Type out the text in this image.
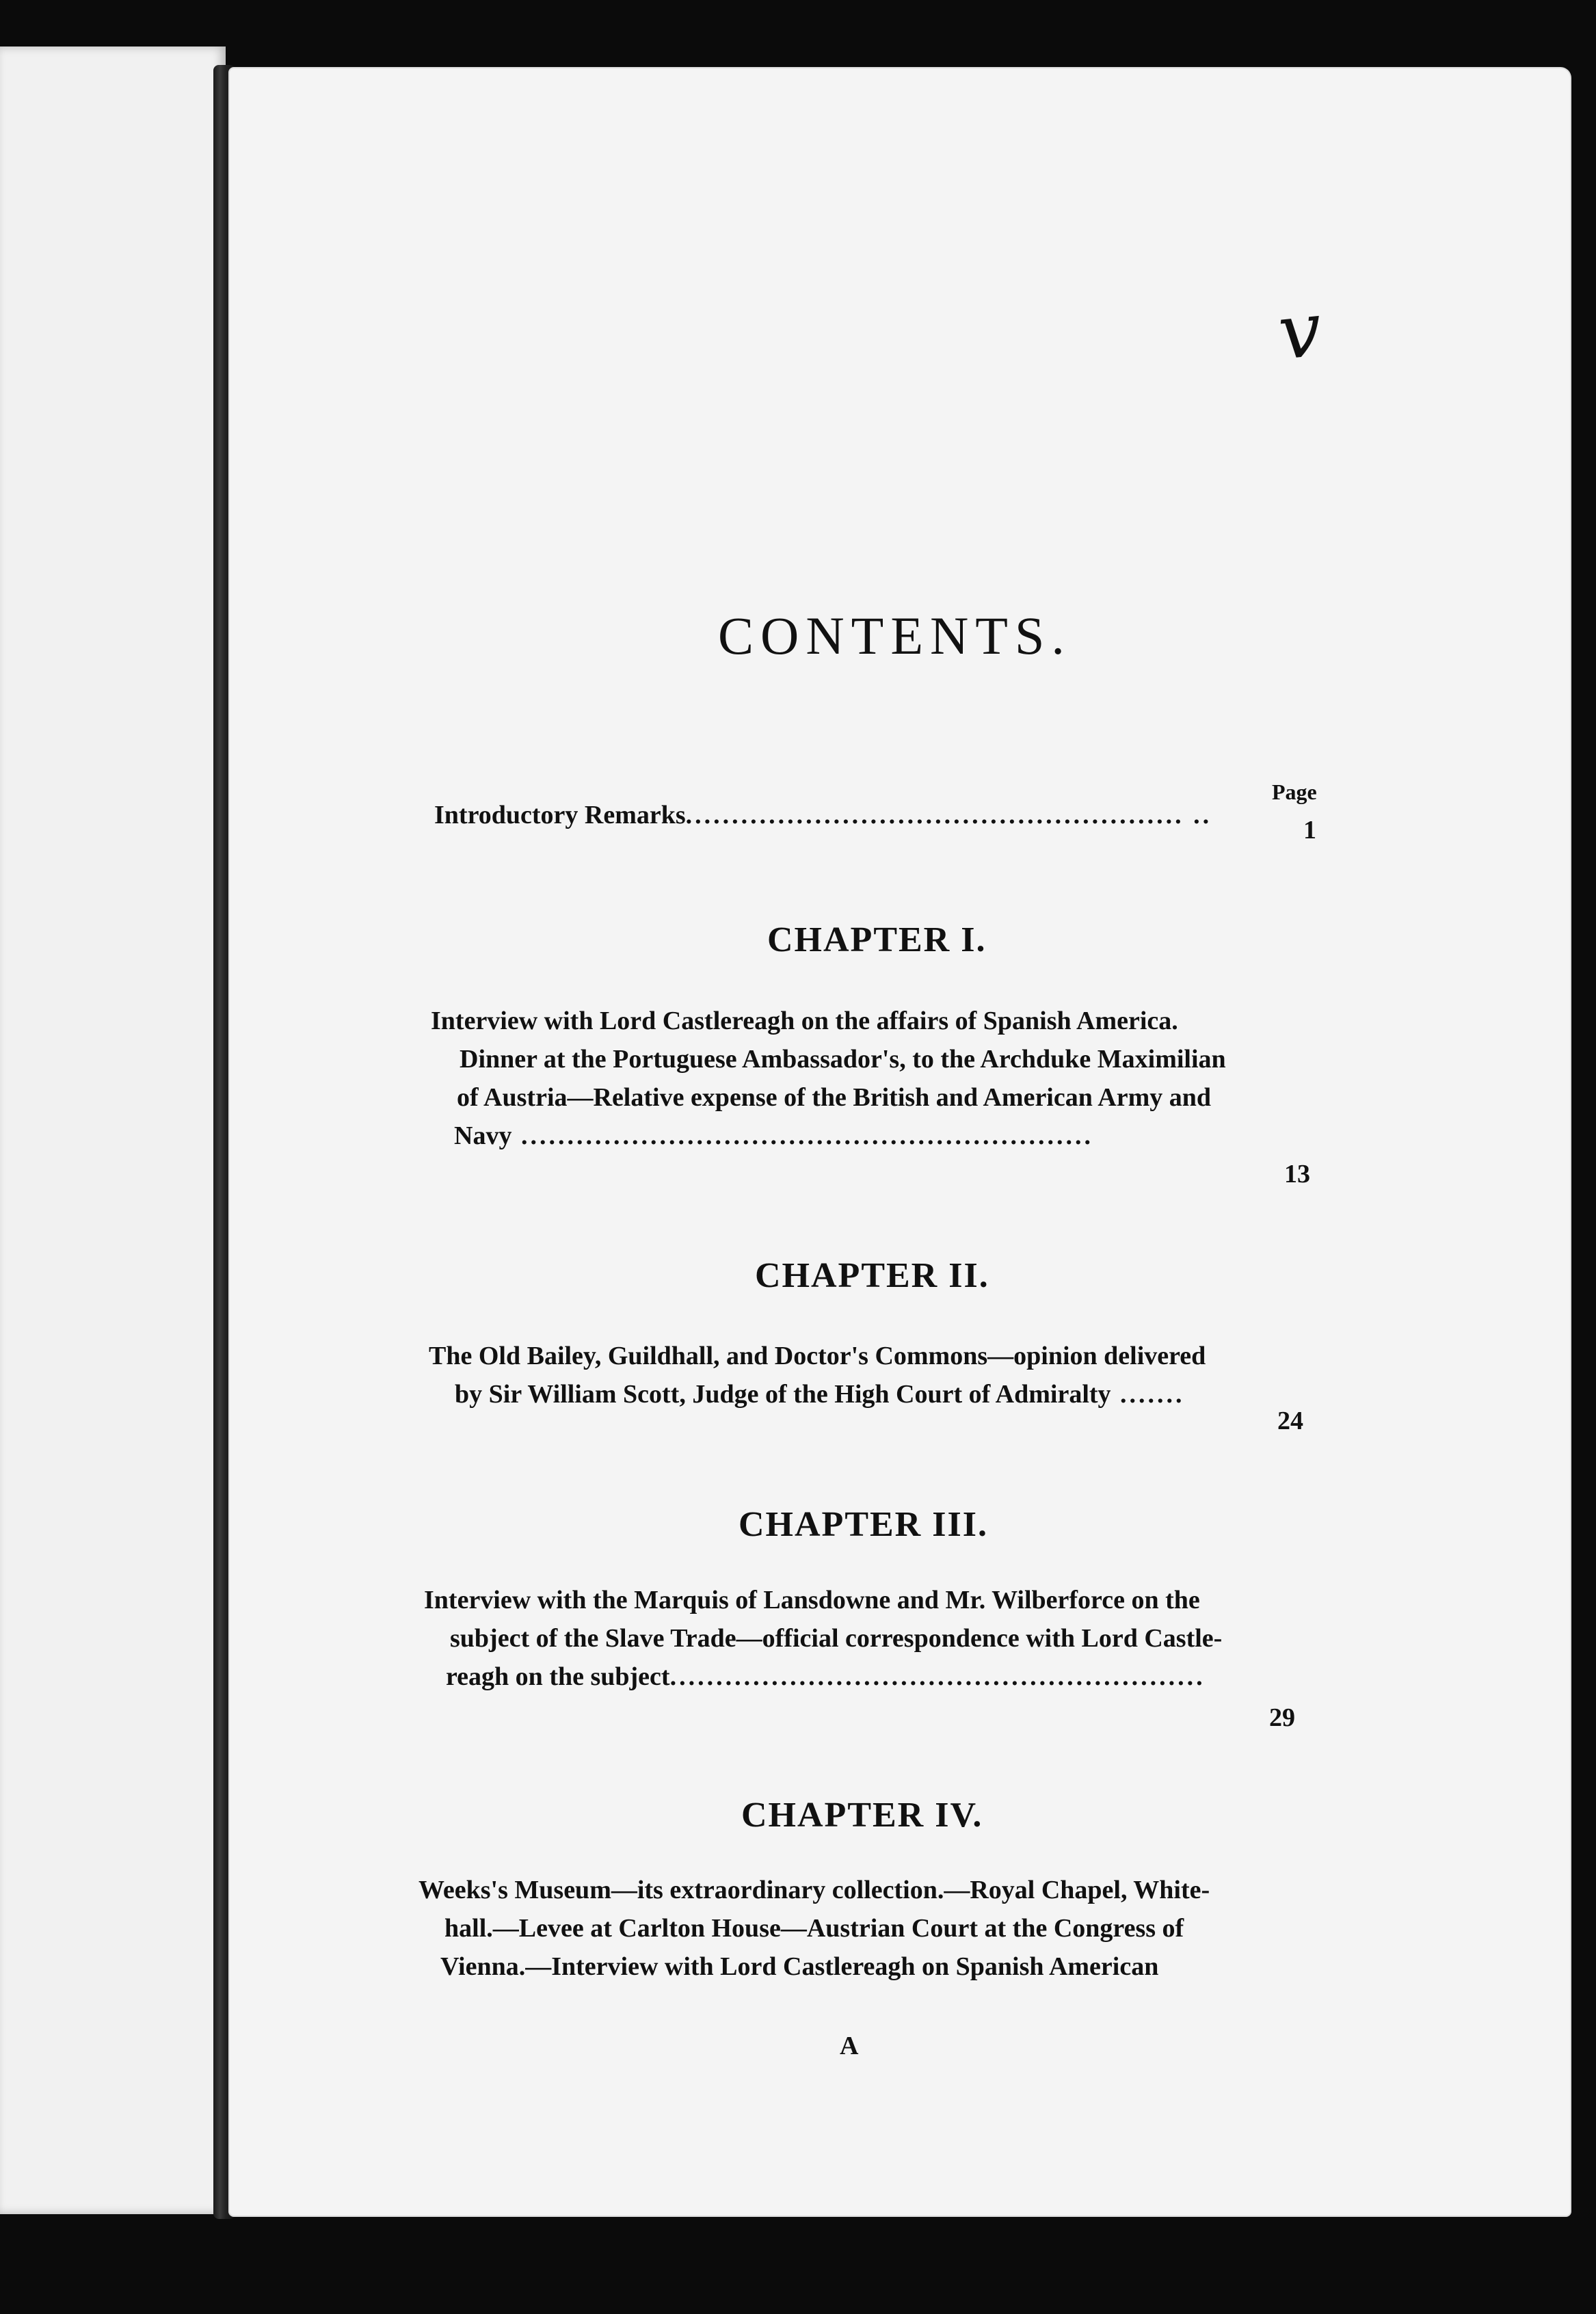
v
CONTENTS.
Page
Introductory Remarks...................................................... ..
1
CHAPTER I.
Interview with Lord Castlereagh on the affairs of Spanish America.
Dinner at the Portuguese Ambassador's, to the Archduke Maximilian
of Austria—Relative expense of the British and American Army and
Navy ..............................................................
13
CHAPTER II.
The Old Bailey, Guildhall, and Doctor's Commons—opinion delivered
by Sir William Scott, Judge of the High Court of Admiralty .......
24
CHAPTER III.
Interview with the Marquis of Lansdowne and Mr. Wilberforce on the
subject of the Slave Trade—official correspondence with Lord Castle-
reagh on the subject..........................................................
29
CHAPTER IV.
Weeks's Museum—its extraordinary collection.—Royal Chapel, White-
hall.—Levee at Carlton House—Austrian Court at the Congress of
Vienna.—Interview with Lord Castlereagh on Spanish American
A
